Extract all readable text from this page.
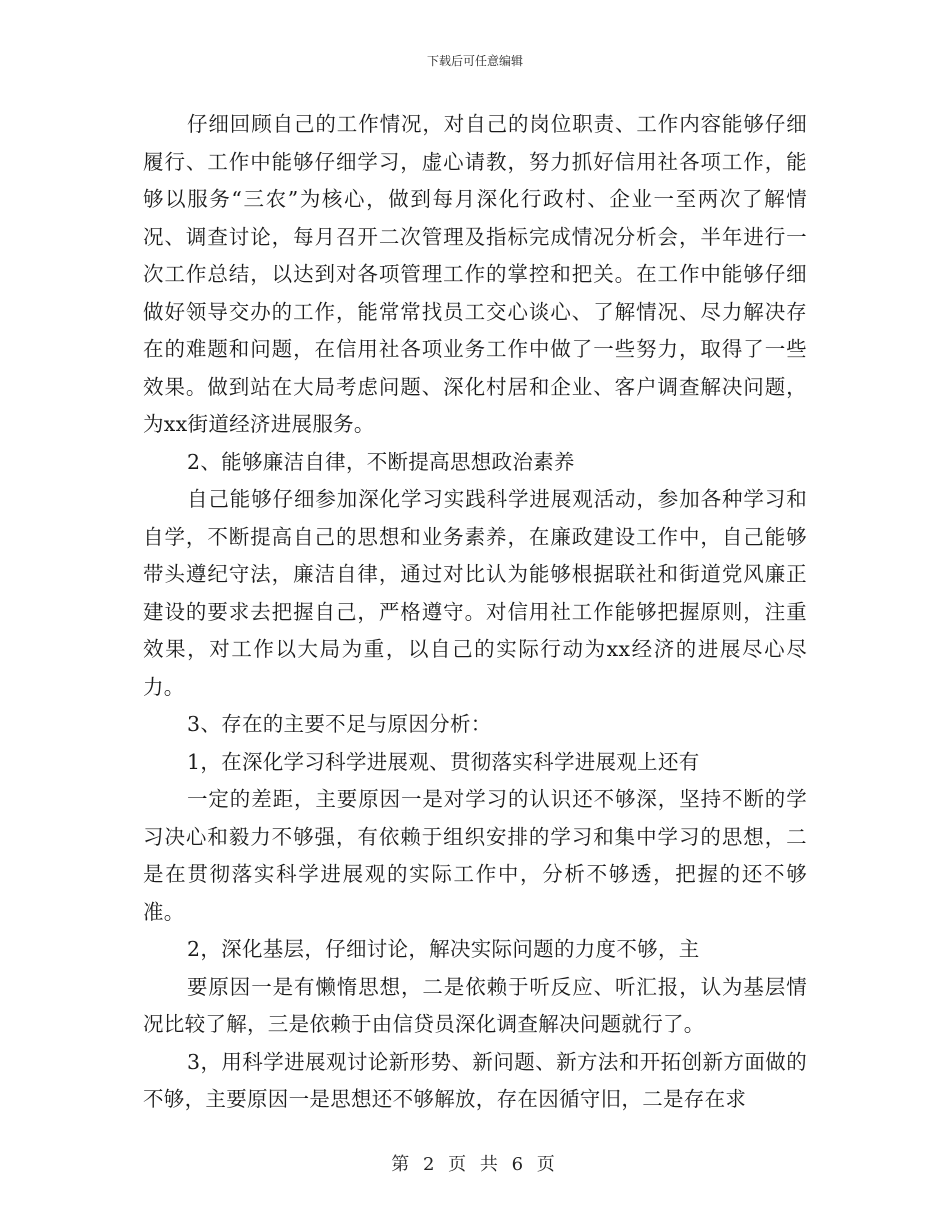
下载后可任意编辑

仔细回顾自己的工作情况，对自己的岗位职责、工作内容能够仔细履行、工作中能够仔细学习，虚心请教，努力抓好信用社各项工作，能够以服务“三农”为核心，做到每月深化行政村、企业一至两次了解情况、调查讨论，每月召开二次管理及指标完成情况分析会，半年进行一次工作总结，以达到对各项管理工作的掌控和把关。在工作中能够仔细做好领导交办的工作，能常常找员工交心谈心、了解情况、尽力解决存在的难题和问题，在信用社各项业务工作中做了一些努力，取得了一些效果。做到站在大局考虑问题、深化村居和企业、客户调查解决问题，为xx街道经济进展服务。

2、能够廉洁自律，不断提高思想政治素养

自己能够仔细参加深化学习实践科学进展观活动，参加各种学习和自学，不断提高自己的思想和业务素养，在廉政建设工作中，自己能够带头遵纪守法，廉洁自律，通过对比认为能够根据联社和街道党风廉正建设的要求去把握自己，严格遵守。对信用社工作能够把握原则，注重效果，对工作以大局为重，以自己的实际行动为xx经济的进展尽心尽力。

3、存在的主要不足与原因分析：

1，在深化学习科学进展观、贯彻落实科学进展观上还有

一定的差距，主要原因一是对学习的认识还不够深，坚持不断的学习决心和毅力不够强，有依赖于组织安排的学习和集中学习的思想，二是在贯彻落实科学进展观的实际工作中，分析不够透，把握的还不够准。

2，深化基层，仔细讨论，解决实际问题的力度不够，主

要原因一是有懒惰思想，二是依赖于听反应、听汇报，认为基层情况比较了解，三是依赖于由信贷员深化调查解决问题就行了。

3，用科学进展观讨论新形势、新问题、新方法和开拓创新方面做的不够，主要原因一是思想还不够解放，存在因循守旧，二是存在求

第 2 页 共 6 页
